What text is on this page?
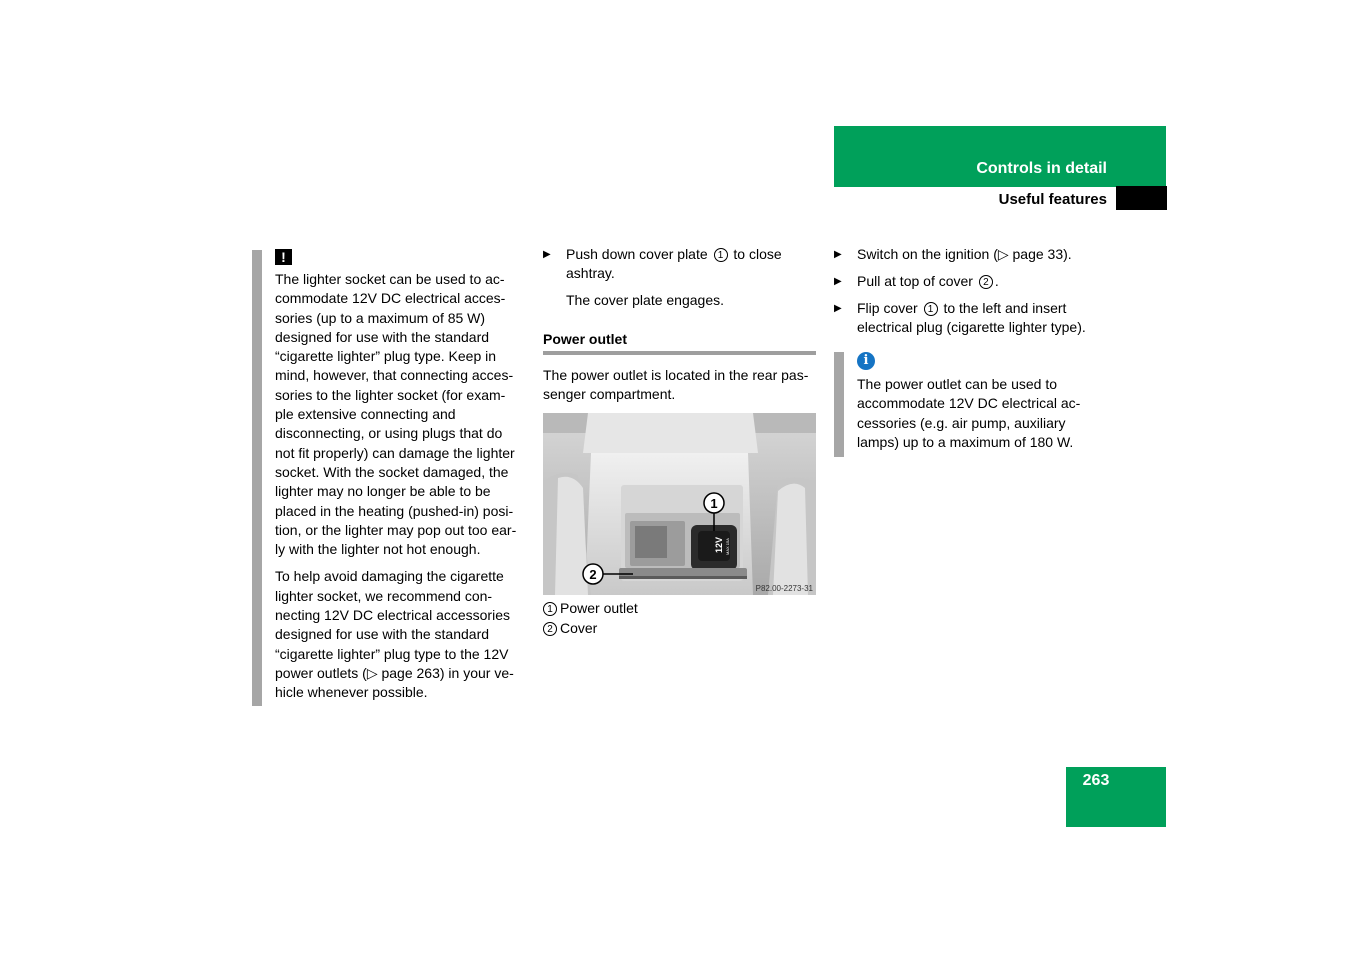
Controls in detail
Useful features
!

The lighter socket can be used to ac-
commodate 12V DC electrical acces-
sories (up to a maximum of 85 W)
designed for use with the standard
“cigarette lighter” plug type. Keep in
mind, however, that connecting acces-
sories to the lighter socket (for exam-
ple extensive connecting and
disconnecting, or using plugs that do
not fit properly) can damage the lighter
socket. With the socket damaged, the
lighter may no longer be able to be
placed in the heating (pushed-in) posi-
tion, or the lighter may pop out too ear-
ly with the lighter not hot enough.

To help avoid damaging the cigarette
lighter socket, we recommend con-
necting 12V DC electrical accessories
designed for use with the standard
“cigarette lighter” plug type to the 12V
power outlets (▷ page 263) in your ve-
hicle whenever possible.

▶ Push down cover plate 1 to close
ashtray.
The cover plate engages.
Power outlet
The power outlet is located in the rear pas-
senger compartment.
12V MAX 15A
1
2
P82.00-2273-31
1 Power outlet
2 Cover
▶ Switch on the ignition (▷ page 33).
▶ Pull at top of cover 2 .
▶ Flip cover 1 to the left and insert
electrical plug (cigarette lighter type).
i
The power outlet can be used to
accommodate 12V DC electrical ac-
cessories (e.g. air pump, auxiliary
lamps) up to a maximum of 180 W.
263
